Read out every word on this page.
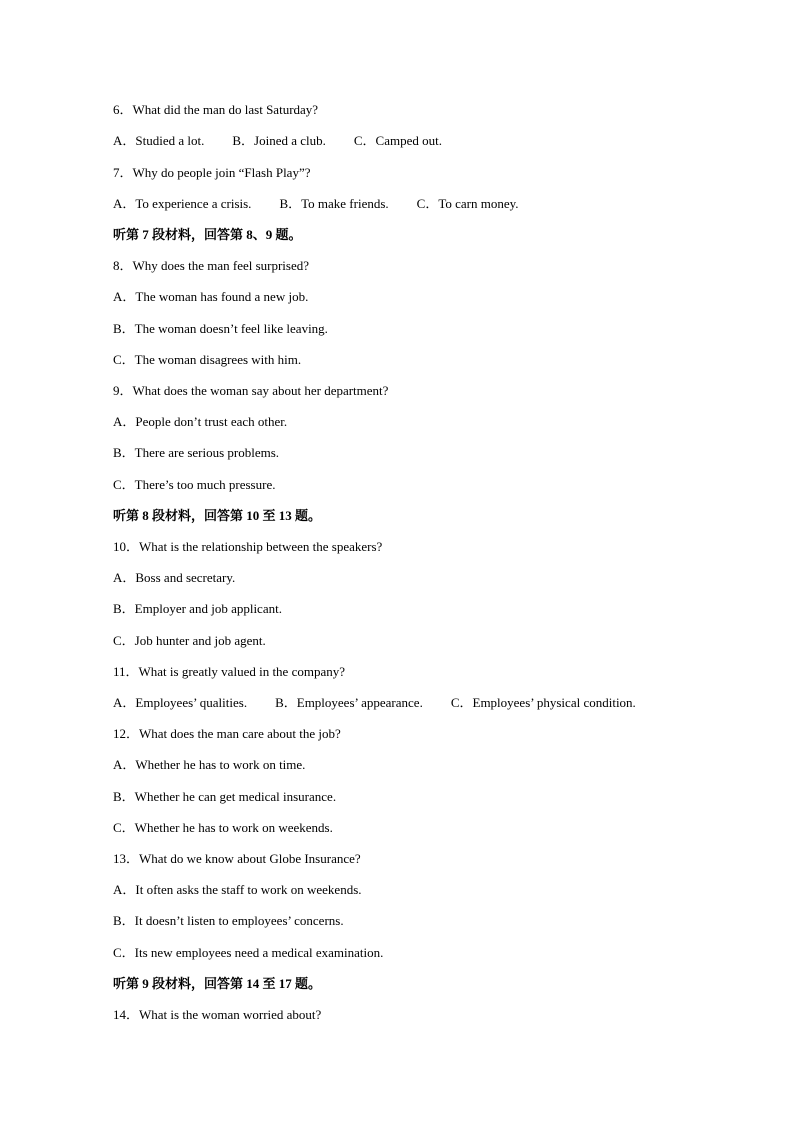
6．What did the man do last Saturday?
A．Studied a lot. B．Joined a club. C．Camped out.
7．Why do people join “Flash Play”?
A．To experience a crisis. B．To make friends. C．To carn money.
听第 7 段材料，回答第 8、9 题。
8．Why does the man feel surprised?
A．The woman has found a new job.
B．The woman doesn’t feel like leaving.
C．The woman disagrees with him.
9．What does the woman say about her department?
A．People don’t trust each other.
B．There are serious problems.
C．There’s too much pressure.
听第 8 段材料，回答第 10 至 13 题。
10．What is the relationship between the speakers?
A．Boss and secretary.
B．Employer and job applicant.
C．Job hunter and job agent.
11．What is greatly valued in the company?
A．Employees’ qualities. B．Employees’ appearance. C．Employees’ physical condition.
12．What does the man care about the job?
A．Whether he has to work on time.
B．Whether he can get medical insurance.
C．Whether he has to work on weekends.
13．What do we know about Globe Insurance?
A．It often asks the staff to work on weekends.
B．It doesn’t listen to employees’ concerns.
C．Its new employees need a medical examination.
听第 9 段材料，回答第 14 至 17 题。
14．What is the woman worried about?
